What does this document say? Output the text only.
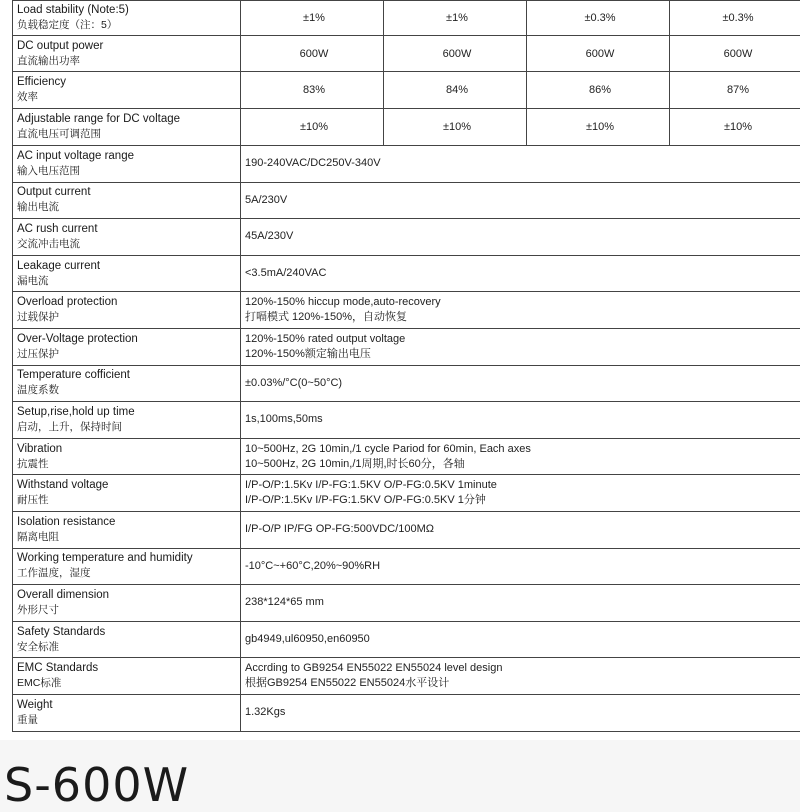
Load stability (Note:5)
负载稳定度（注：5）	±1%	±1%	±0.3%	±0.3%

DC output power
直流输出功率	600W	600W	600W	600W

Efficiency
效率	83%	84%	86%	87%

Adjustable range for DC voltage
直流电压可调范围	±10%	±10%	±10%	±10%

AC input voltage range
输入电压范围	190-240VAC/DC250V-340V			

Output current
输出电流	5A/230V			

AC rush current
交流冲击电流	45A/230V			

Leakage current
漏电流	<3.5mA/240VAC			

Overload protection
过载保护	120%-150% hiccup mode,auto-recovery
打嗝模式 120%-150%，自动恢复			

Over-Voltage protection
过压保护	120%-150% rated output voltage
120%-150%额定输出电压			

Temperature cofficient
温度系数	±0.03%/°C(0~50°C)			

Setup,rise,hold up time
启动，上升，保持时间	1s,100ms,50ms			

Vibration
抗震性	10~500Hz, 2G 10min,/1 cycle Pariod for 60min, Each axes
10~500Hz, 2G 10min,/1周期,时长60分，各轴			

Withstand voltage
耐压性	I/P-O/P:1.5Kv I/P-FG:1.5KV O/P-FG:0.5KV 1minute
I/P-O/P:1.5Kv I/P-FG:1.5KV O/P-FG:0.5KV 1分钟			

Isolation resistance
隔离电阻	I/P-O/P IP/FG OP-FG:500VDC/100MΩ			

Working temperature and humidity
工作温度，湿度	-10°C~+60°C,20%~90%RH			

Overall dimension
外形尺寸	238*124*65 mm			

Safety Standards
安全标准	gb4949,ul60950,en60950			

EMC Standards
EMC标准	Accrding to GB9254 EN55022 EN55024 level design
根据GB9254 EN55022 EN55024水平设计			

Weight
重量	1.32Kgs			
S-600W
